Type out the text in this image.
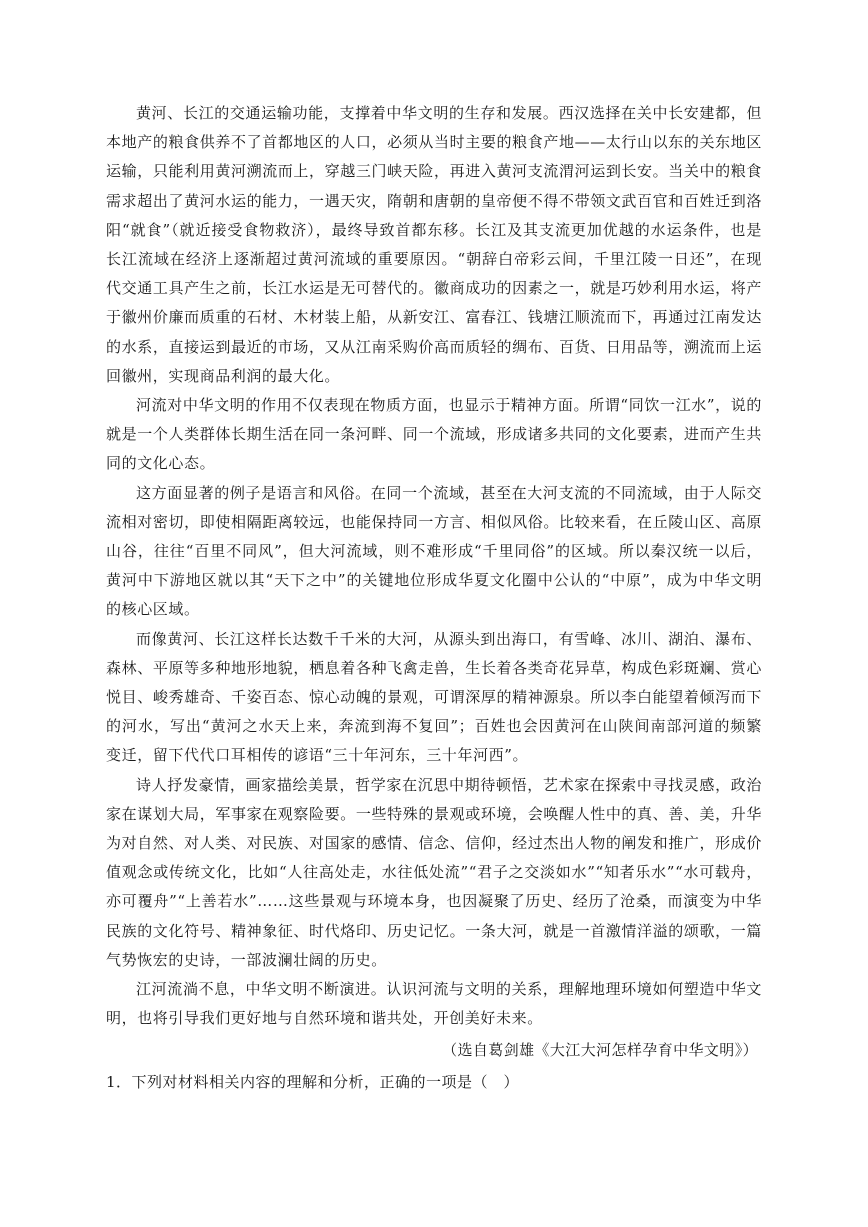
黄河、长江的交通运输功能，支撑着中华文明的生存和发展。西汉选择在关中长安建都，但本地产的粮食供养不了首都地区的人口，必须从当时主要的粮食产地——太行山以东的关东地区运输，只能利用黄河溯流而上，穿越三门峡天险，再进入黄河支流渭河运到长安。当关中的粮食需求超出了黄河水运的能力，一遇天灾，隋朝和唐朝的皇帝便不得不带领文武百官和百姓迁到洛阳“就食”（就近接受食物救济），最终导致首都东移。长江及其支流更加优越的水运条件，也是长江流域在经济上逐渐超过黄河流域的重要原因。“朝辞白帝彩云间，千里江陵一日还”，在现代交通工具产生之前，长江水运是无可替代的。徽商成功的因素之一，就是巧妙利用水运，将产于徽州价廉而质重的石材、木材装上船，从新安江、富春江、钱塘江顺流而下，再通过江南发达的水系，直接运到最近的市场，又从江南采购价高而质轻的绸布、百货、日用品等，溯流而上运回徽州，实现商品利润的最大化。

河流对中华文明的作用不仅表现在物质方面，也显示于精神方面。所谓“同饮一江水”，说的就是一个人类群体长期生活在同一条河畔、同一个流域，形成诸多共同的文化要素，进而产生共同的文化心态。

这方面显著的例子是语言和风俗。在同一个流域，甚至在大河支流的不同流域，由于人际交流相对密切，即使相隔距离较远，也能保持同一方言、相似风俗。比较来看，在丘陵山区、高原山谷，往往“百里不同风”，但大河流域，则不难形成“千里同俗”的区域。所以秦汉统一以后，黄河中下游地区就以其“天下之中”的关键地位形成华夏文化圈中公认的“中原”，成为中华文明的核心区域。

而像黄河、长江这样长达数千千米的大河，从源头到出海口，有雪峰、冰川、湖泊、瀑布、森林、平原等多种地形地貌，栖息着各种飞禽走兽，生长着各类奇花异草，构成色彩斑斓、赏心悦目、峻秀雄奇、千姿百态、惊心动魄的景观，可谓深厚的精神源泉。所以李白能望着倾泻而下的河水，写出“黄河之水天上来，奔流到海不复回”；百姓也会因黄河在山陕间南部河道的频繁变迁，留下代代口耳相传的谚语“三十年河东，三十年河西”。

诗人抒发豪情，画家描绘美景，哲学家在沉思中期待顿悟，艺术家在探索中寻找灵感，政治家在谋划大局，军事家在观察险要。一些特殊的景观或环境，会唤醒人性中的真、善、美，升华为对自然、对人类、对民族、对国家的感情、信念、信仰，经过杰出人物的阐发和推广，形成价值观念或传统文化，比如“人往高处走，水往低处流”“君子之交淡如水”“知者乐水”“水可载舟，亦可覆舟”“上善若水”……这些景观与环境本身，也因凝聚了历史、经历了沧桑，而演变为中华民族的文化符号、精神象征、时代烙印、历史记忆。一条大河，就是一首激情洋溢的颂歌，一篇气势恢宏的史诗，一部波澜壮阔的历史。

江河流淌不息，中华文明不断演进。认识河流与文明的关系，理解地理环境如何塑造中华文明，也将引导我们更好地与自然环境和谐共处，开创美好未来。

（选自葛剑雄《大江大河怎样孕育中华文明》）

1．下列对材料相关内容的理解和分析，正确的一项是（　）
